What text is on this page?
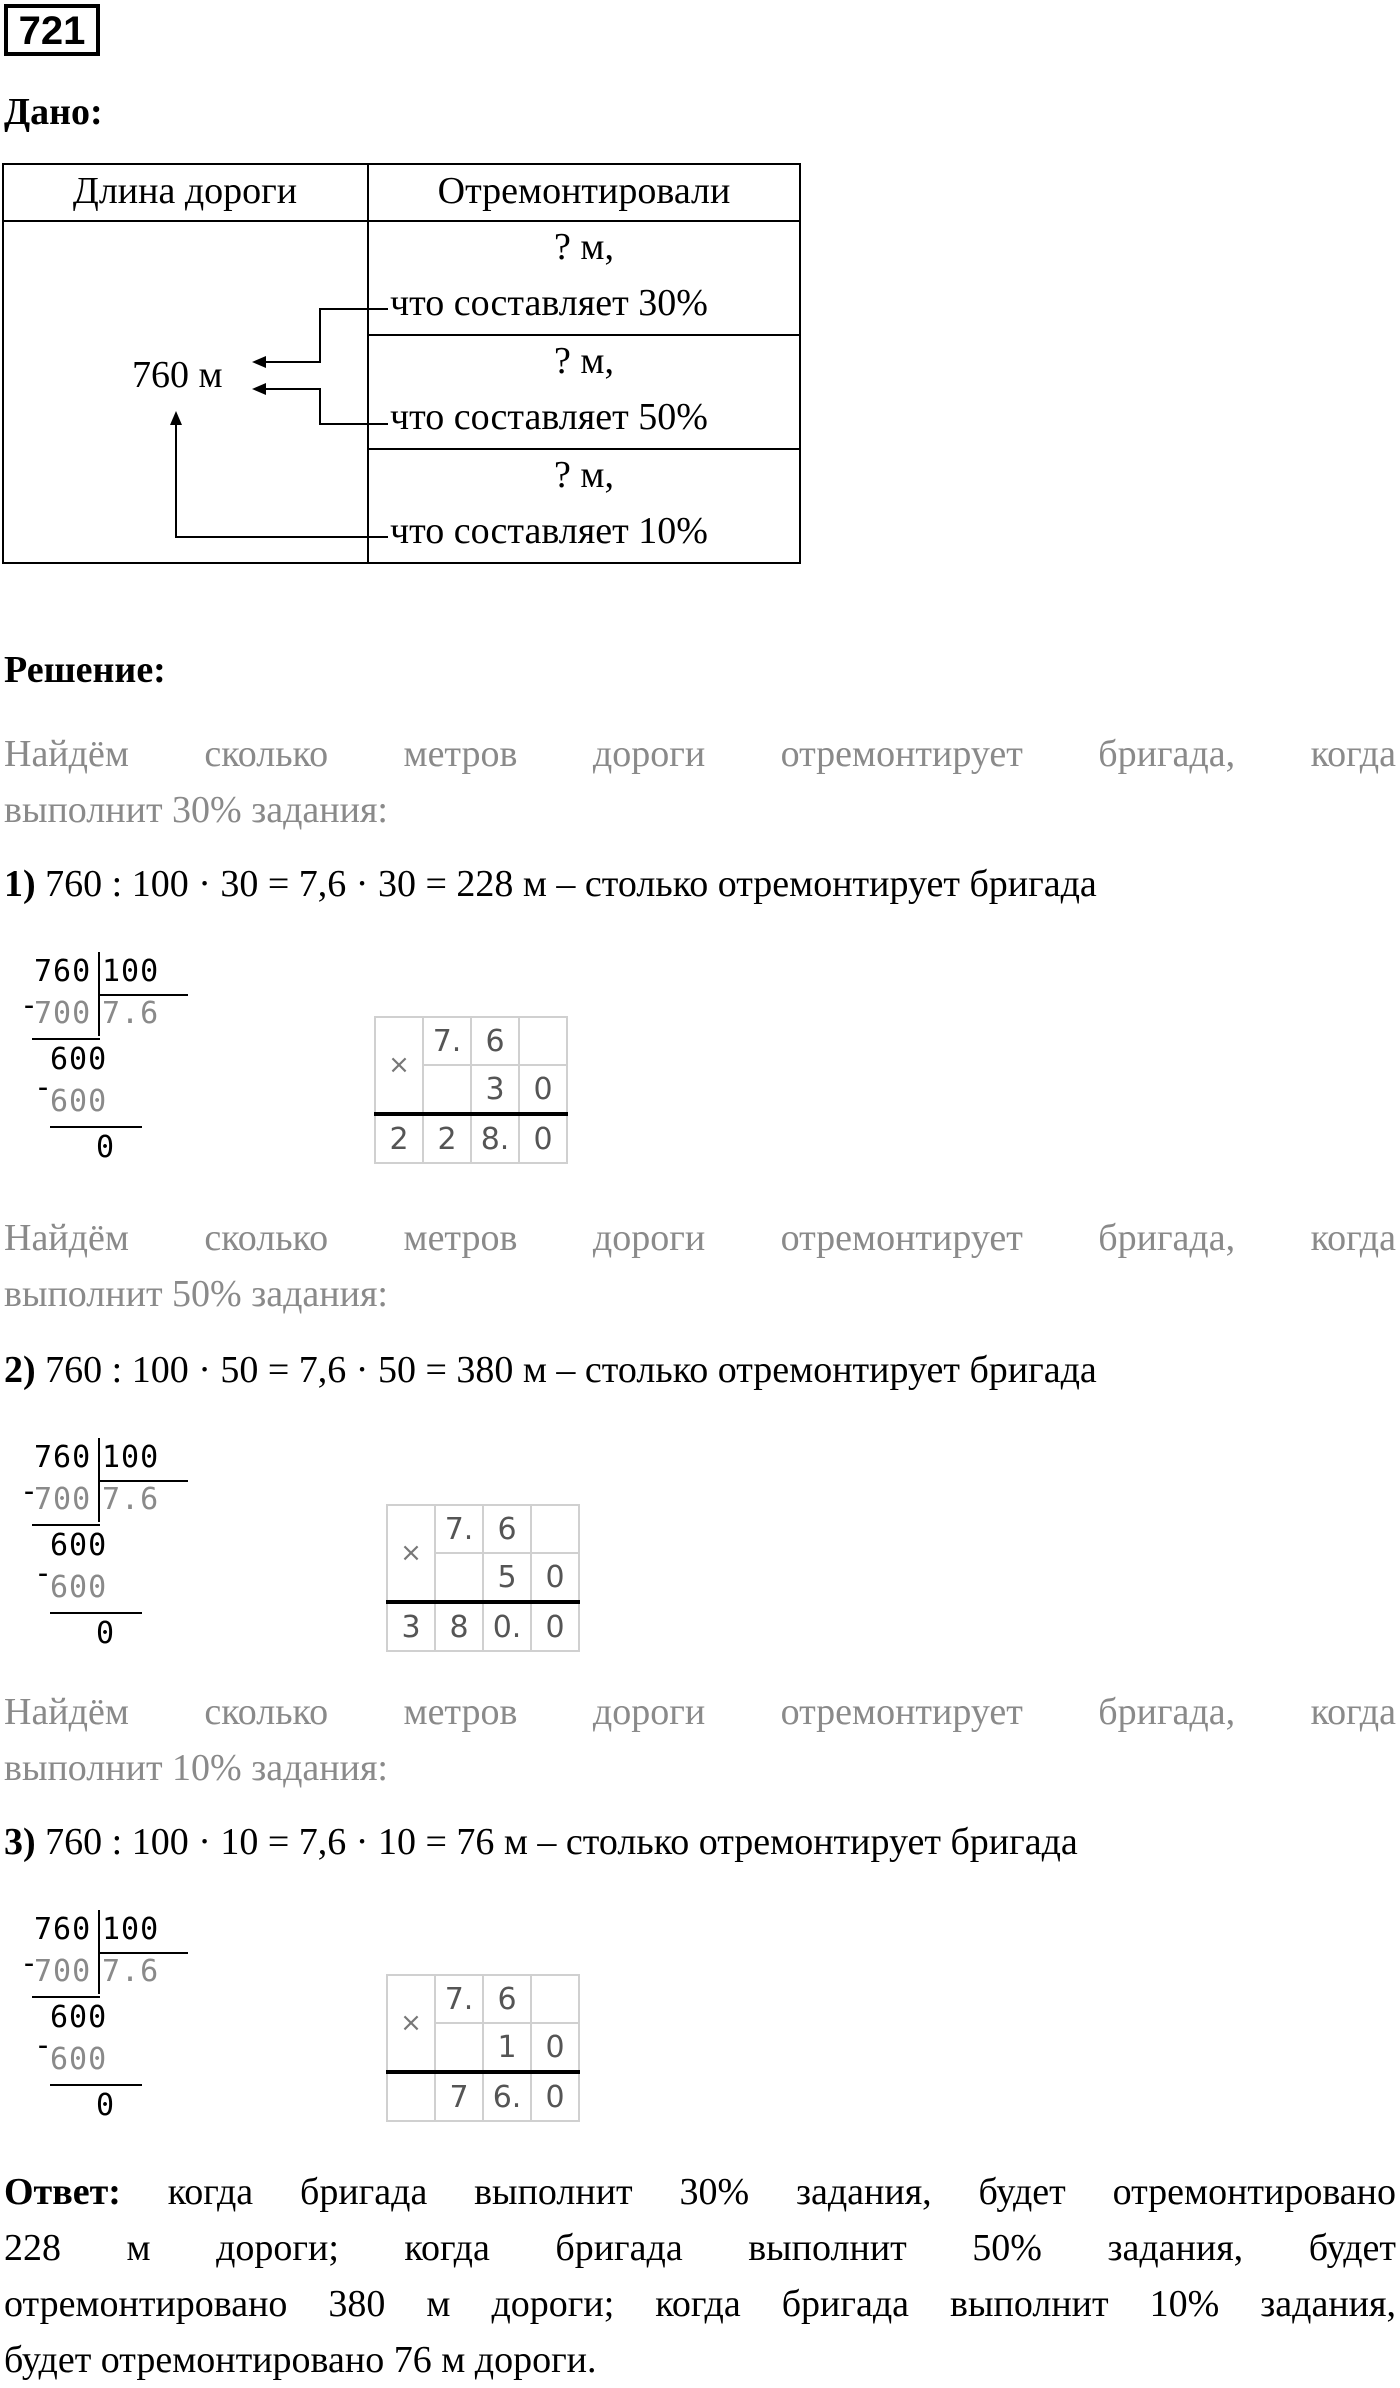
721
Дано:
Длина дороги	Отремонтировали
760 м
? м,
что составляет 30%
? м,
что составляет 50%
? м,
что составляет 10%
Решение:
Найдём сколько метров дороги отремонтирует бригада, когда
выполнит 30% задания:
1) 760 : 100 · 30 = 7,6 · 30 = 228 м – столько отремонтирует бригада
760 100
-
700 7.6
600
-
600
0
×	7.	6	
		3	0
2	2	8.	0
Найдём сколько метров дороги отремонтирует бригада, когда
выполнит 50% задания:
2) 760 : 100 · 50 = 7,6 · 50 = 380 м – столько отремонтирует бригада
760 100
-
700 7.6
600
-
600
0
×	7.	6	
		5	0
3	8	0.	0
Найдём сколько метров дороги отремонтирует бригада, когда
выполнит 10% задания:
3) 760 : 100 · 10 = 7,6 · 10 = 76 м – столько отремонтирует бригада
760 100
-
700 7.6
600
-
600
0
×	7.	6	
		1	0
	7	6.	0
Ответ: когда бригада выполнит 30% задания, будет отремонтировано
228 м дороги; когда бригада выполнит 50% задания, будет
отремонтировано 380 м дороги; когда бригада выполнит 10% задания,
будет отремонтировано 76 м дороги.
